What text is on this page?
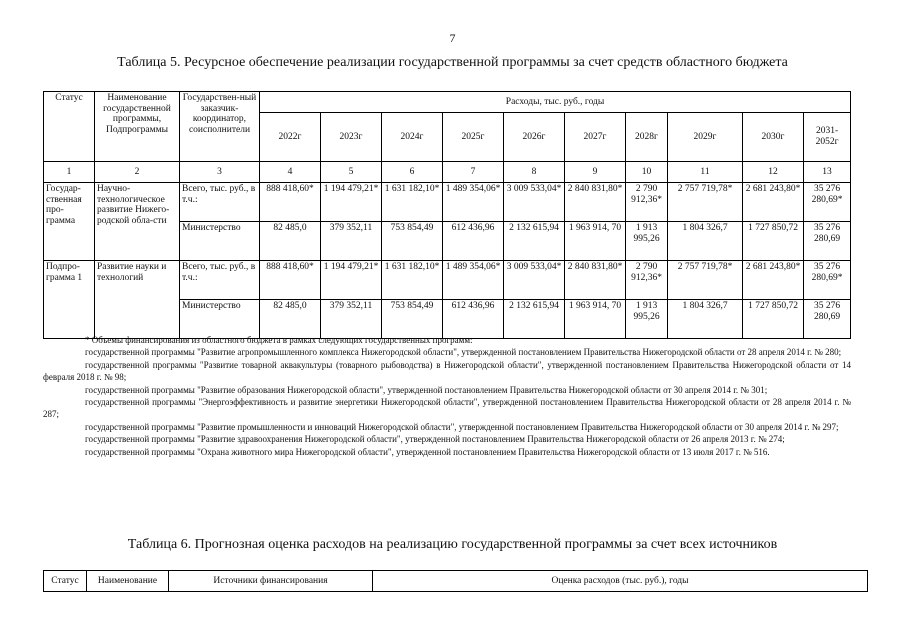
7
Таблица 5. Ресурсное обеспечение реализации государственной программы за счет средств областного бюджета
Статус	Наименование государственной программы, Подпрограммы	Государствен-ный заказчик-координатор, соисполнители	Расходы, тыс. руб., годы									
			2022г	2023г	2024г	2025г	2026г	2027г	2028г	2029г	2030г	2031-2052г
1	2	3	4	5	6	7	8	9	10	11	12	13
Государ-ственная про-грамма	Научно-технологическое развитие Нижего-родской обла-сти	Всего, тыс. руб., в т.ч.:	888 418,60*	1 194 479,21*	1 631 182,10*	1 489 354,06*	3 009 533,04*	2 840 831,80*	2 790 912,36*	2 757 719,78*	2 681 243,80*	35 276 280,69*
		Министерство	82 485,0	379 352,11	753 854,49	612 436,96	2 132 615,94	1 963 914, 70	1 913 995,26	1 804 326,7	1 727 850,72	35 276 280,69
Подпро-грамма 1	Развитие науки и технологий	Всего, тыс. руб., в т.ч.:	888 418,60*	1 194 479,21*	1 631 182,10*	1 489 354,06*	3 009 533,04*	2 840 831,80*	2 790 912,36*	2 757 719,78*	2 681 243,80*	35 276 280,69*
		Министерство	82 485,0	379 352,11	753 854,49	612 436,96	2 132 615,94	1 963 914, 70	1 913 995,26	1 804 326,7	1 727 850,72	35 276 280,69

* Объемы финансирования из областного бюджета в рамках следующих государственных программ:

государственной программы "Развитие агропромышленного комплекса Нижегородской области", утвержденной постановлением Правительства Нижегородской области от 28 апреля 2014 г. № 280;

государственной программы "Развитие товарной аквакультуры (товарного рыбоводства) в Нижегородской области", утвержденной постановлением Правительства Нижегородской области от 14 февраля 2018 г. № 98;

государственной программы "Развитие образования Нижегородской области", утвержденной постановлением Правительства Нижегородской области от 30 апреля 2014 г. № 301;

государственной программы "Энергоэффективность и развитие энергетики Нижегородской области", утвержденной постановлением Правительства Нижегородской области от 28 апреля 2014 г. № 287;

государственной программы "Развитие промышленности и инноваций Нижегородской области", утвержденной постановлением Правительства Нижегородской области от 30 апреля 2014 г. № 297;

государственной программы "Развитие здравоохранения Нижегородской области", утвержденной постановлением Правительства Нижегородской области от 26 апреля 2013 г. № 274;

государственной программы "Охрана животного мира Нижегородской области", утвержденной постановлением Правительства Нижегородской области от 13 июля 2017 г. № 516.

Таблица 6. Прогнозная оценка расходов на реализацию государственной программы за счет всех источников
Статус	Наименование	Источники финансирования	Оценка расходов (тыс. руб.), годы
